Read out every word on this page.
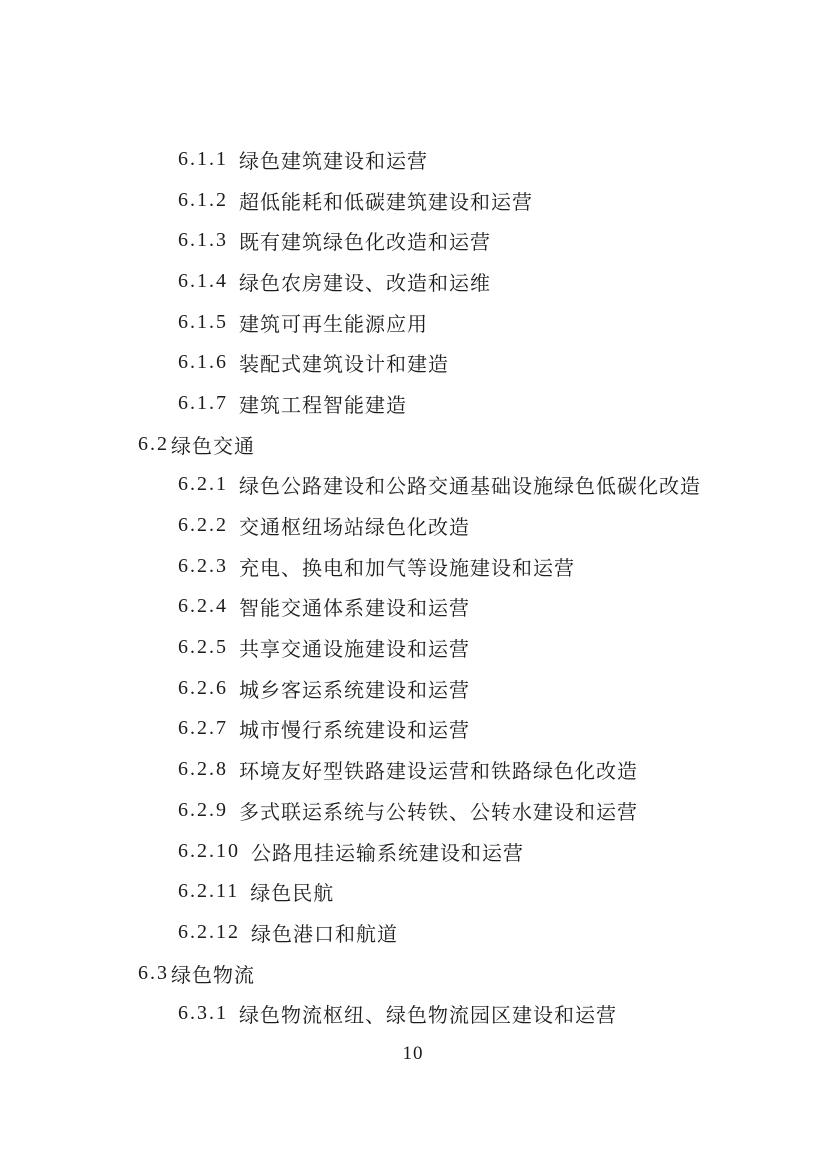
6.1.1 绿色建筑建设和运营
6.1.2 超低能耗和低碳建筑建设和运营
6.1.3 既有建筑绿色化改造和运营
6.1.4 绿色农房建设、改造和运维
6.1.5 建筑可再生能源应用
6.1.6 装配式建筑设计和建造
6.1.7 建筑工程智能建造
6.2 绿色交通
6.2.1 绿色公路建设和公路交通基础设施绿色低碳化改造
6.2.2 交通枢纽场站绿色化改造
6.2.3 充电、换电和加气等设施建设和运营
6.2.4 智能交通体系建设和运营
6.2.5 共享交通设施建设和运营
6.2.6 城乡客运系统建设和运营
6.2.7 城市慢行系统建设和运营
6.2.8 环境友好型铁路建设运营和铁路绿色化改造
6.2.9 多式联运系统与公转铁、公转水建设和运营
6.2.10 公路甩挂运输系统建设和运营
6.2.11 绿色民航
6.2.12 绿色港口和航道
6.3 绿色物流
6.3.1 绿色物流枢纽、绿色物流园区建设和运营
10
